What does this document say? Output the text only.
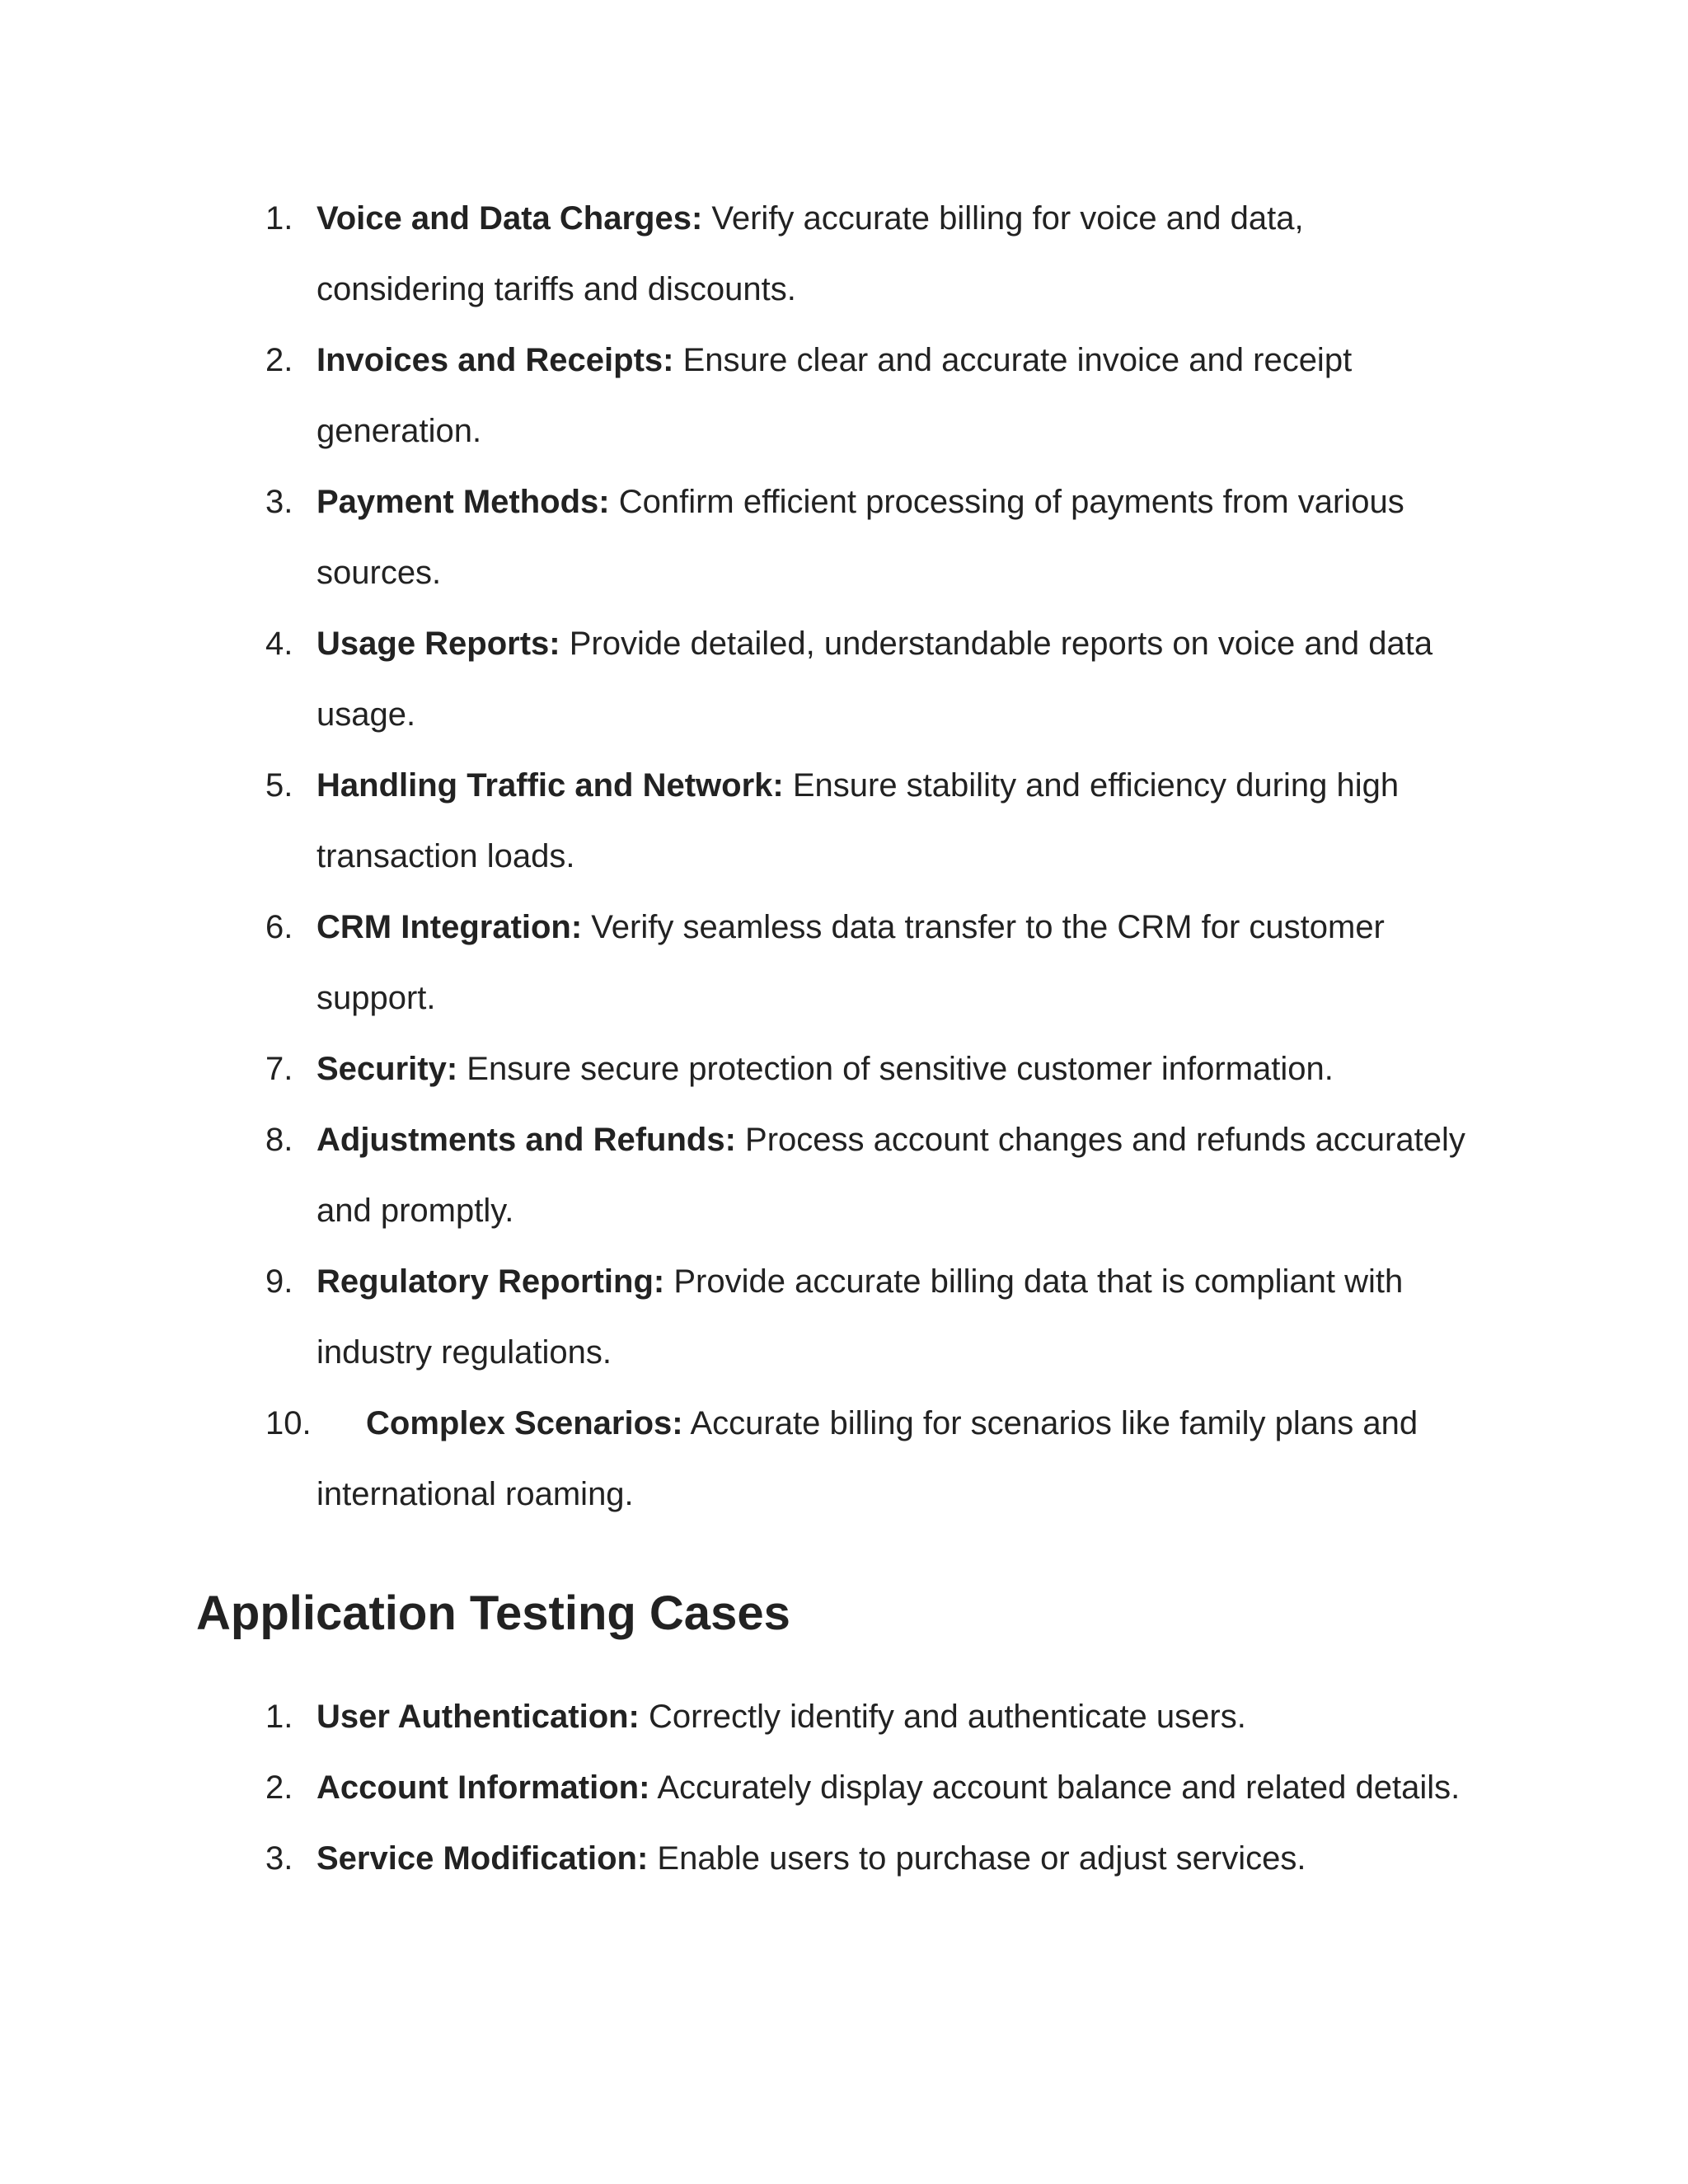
1. Voice and Data Charges: Verify accurate billing for voice and data, considering tariffs and discounts.
2. Invoices and Receipts: Ensure clear and accurate invoice and receipt generation.
3. Payment Methods: Confirm efficient processing of payments from various sources.
4. Usage Reports: Provide detailed, understandable reports on voice and data usage.
5. Handling Traffic and Network: Ensure stability and efficiency during high transaction loads.
6. CRM Integration: Verify seamless data transfer to the CRM for customer support.
7. Security: Ensure secure protection of sensitive customer information.
8. Adjustments and Refunds: Process account changes and refunds accurately and promptly.
9. Regulatory Reporting: Provide accurate billing data that is compliant with industry regulations.
10.	Complex Scenarios: Accurate billing for scenarios like family plans and international roaming.
Application Testing Cases
1. User Authentication: Correctly identify and authenticate users.
2. Account Information: Accurately display account balance and related details.
3. Service Modification: Enable users to purchase or adjust services.
